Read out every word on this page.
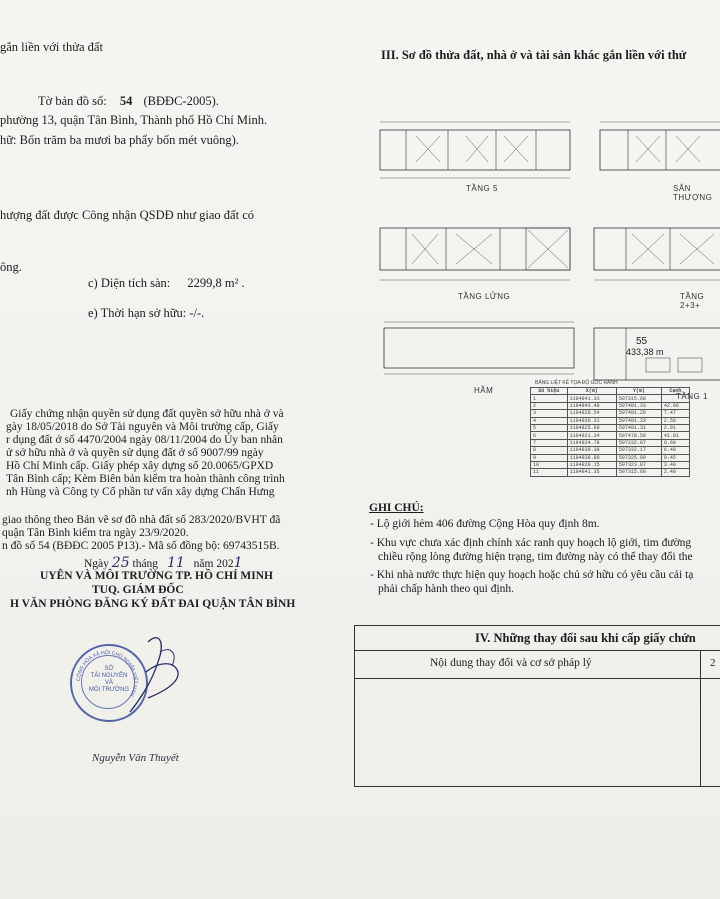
gắn liền với thửa đất
Tờ bản đồ số: 54 (BĐĐC-2005).
phường 13, quận Tân Bình, Thành phố Hồ Chí Minh.
hữ: Bốn trăm ba mươi ba phẩy bốn mét vuông).
hượng đất được Công nhận QSDĐ như giao đất có
ông.
c) Diện tích sàn: 2299,8 m² .
e) Thời hạn sở hữu: -/-.
Giấy chứng nhận quyền sử dụng đất quyền sở hữu nhà ở và
gày 18/05/2018 do Sở Tài nguyên và Môi trường cấp, Giấy
r dụng đất ở số 4470/2004 ngày 08/11/2004 do Ủy ban nhân
ử sở hữu nhà ở và quyền sử dụng đất ở số 9007/99 ngày
Hồ Chí Minh cấp. Giấy phép xây dựng số 20.0065/GPXD
Tân Bình cấp; Kèm Biên bản kiểm tra hoàn thành công trình
nh Hùng và Công ty Cổ phần tư vấn xây dựng Chấn Hưng
giao thông theo Bản vẽ sơ đồ nhà đất số 283/2020/BVHT đã
quận Tân Bình kiểm tra ngày 23/9/2020.
n đồ số 54 (BĐĐC 2005 P13).- Mã số đồng bộ: 69743515B.
Ngày 25 tháng 11 năm 2021
UYÊN VÀ MÔI TRƯỜNG TP. HỒ CHÍ MINH
TUQ. GIÁM ĐỐC
H VĂN PHÒNG ĐĂNG KÝ ĐẤT ĐAI QUẬN TÂN BÌNH
CỘNG HÒA XÃ HỘI CHỦ NGHĨA VIỆT NAM
SỞ
TÀI NGUYÊN
VÀ
MÔI TRƯỜNG
Nguyễn Văn Thuyết
III. Sơ đồ thửa đất, nhà ở và tài sản khác gắn liền với thử
TẦNG 5	SÂN THƯỢNG
TẦNG LỬNG	TẦNG 2+3+
HẦM
55
433,38 m
TẦNG 1
BẢNG LIỆT KÊ TỌA ĐỘ GÓC RANH
Số hiệu	X(m)	Y(m)	Cạnh
1	1194841.33	597315.68	
2	1194843.48	597491.33	42.06
3	1194828.54	597491.28	7.47
4	1194830.31	597491.33	2.56
5	1194825.60	597491.31	2.91
6	1194821.34	597478.58	41.81
7	1194824.78	597332.87	0.60
8	1194839.38	597332.17	6.40
9	1194838.80	597325.09	0.45
10	1194828.15	597323.87	3.40
11	1194841.35	597315.68	2.40
GHI CHÚ:
- Lộ giới hẻm 406 đường Cộng Hòa quy định 8m.
- Khu vực chưa xác định chính xác ranh quy hoạch lộ giới, tim đường
chiều rộng lòng đường hiện trạng, tim đường này có thể thay đổi the
- Khi nhà nước thực hiện quy hoạch hoặc chủ sở hữu có yêu cầu cải tạ
phải chấp hành theo qui định.
IV. Những thay đổi sau khi cấp giấy chứn
Nội dung thay đổi và cơ sở pháp lý	2
